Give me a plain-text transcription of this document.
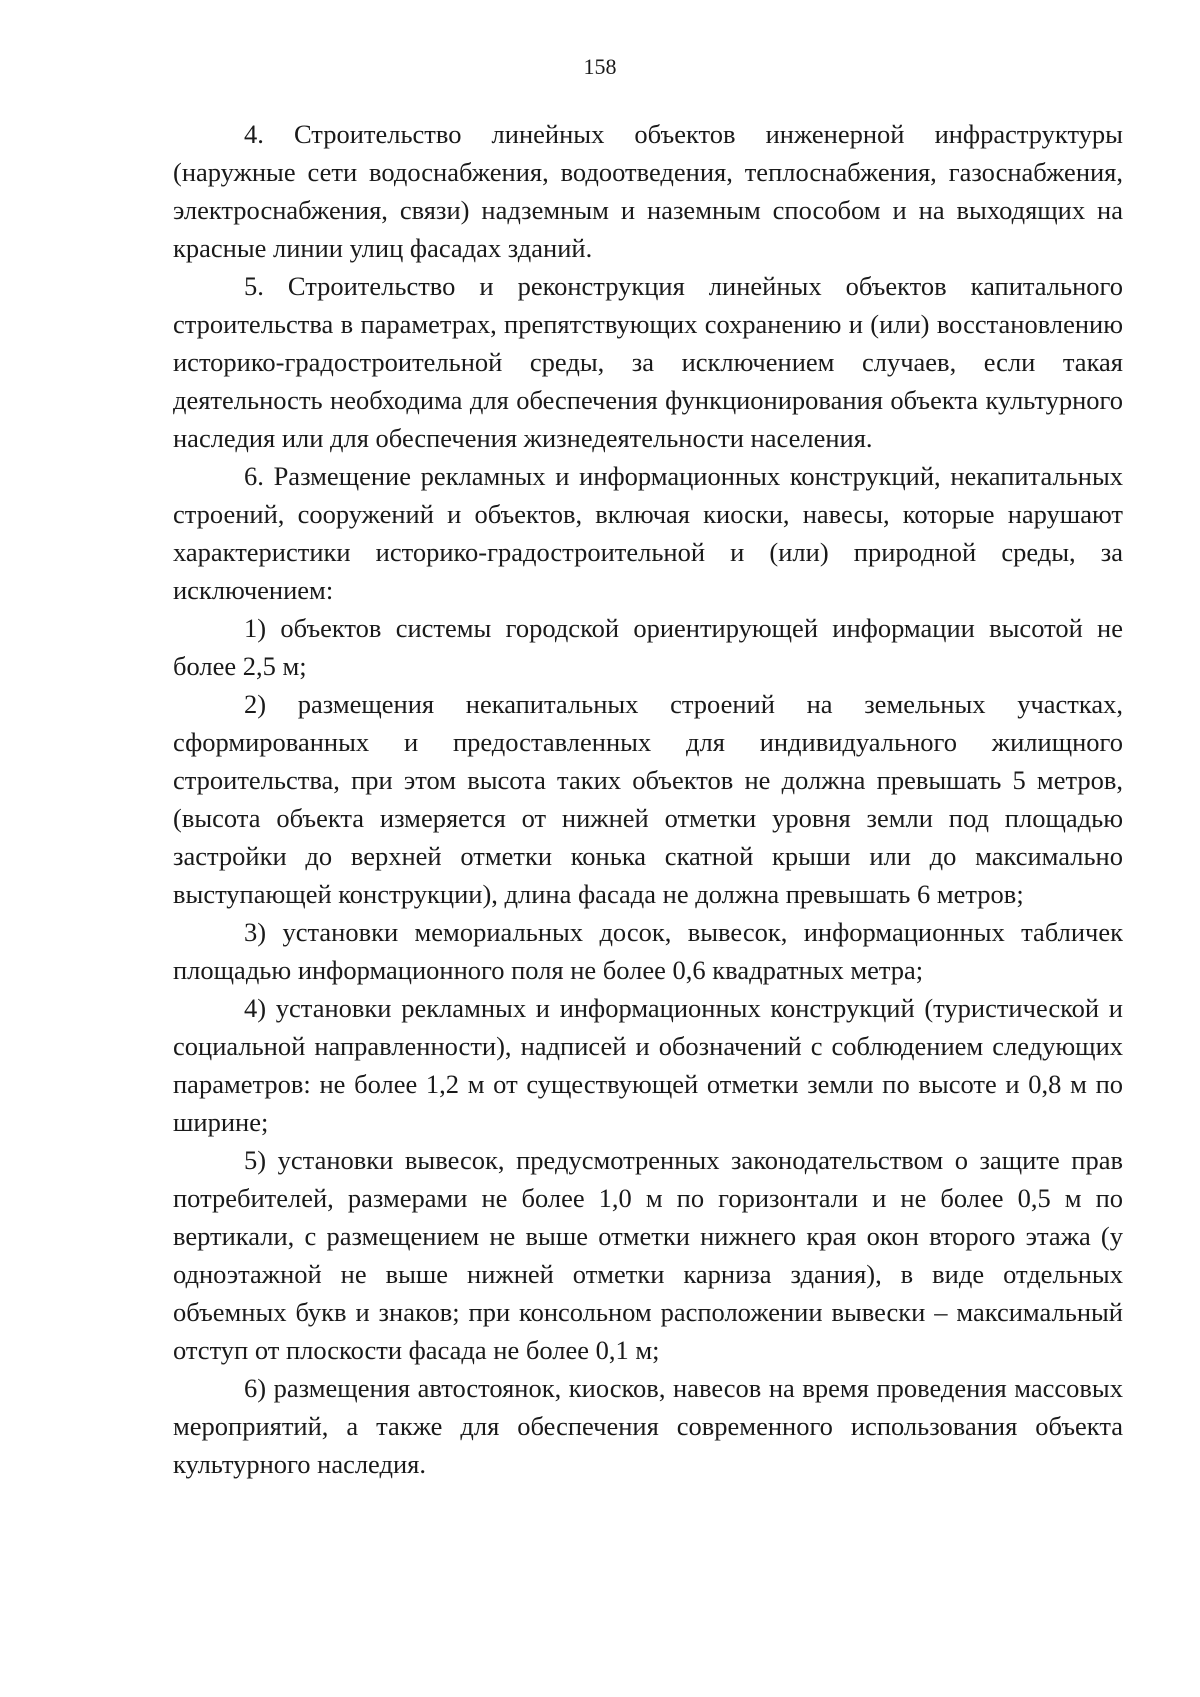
158

4. Строительство линейных объектов инженерной инфраструктуры (наружные сети водоснабжения, водоотведения, теплоснабжения, газоснабжения, электроснабжения, связи) надземным и наземным способом и на выходящих на красные линии улиц фасадах зданий.

5. Строительство и реконструкция линейных объектов капитального строительства в параметрах, препятствующих сохранению и (или) восстановлению историко-градостроительной среды, за исключением случаев, если такая деятельность необходима для обеспечения функционирования объекта культурного наследия или для обеспечения жизнедеятельности населения.

6. Размещение рекламных и информационных конструкций, некапитальных строений, сооружений и объектов, включая киоски, навесы, которые нарушают характеристики историко-градостроительной и (или) природной среды, за исключением:

1) объектов системы городской ориентирующей информации высотой не более 2,5 м;

2) размещения некапитальных строений на земельных участках, сформированных и предоставленных для индивидуального жилищного строительства, при этом высота таких объектов не должна превышать 5 метров, (высота объекта измеряется от нижней отметки уровня земли под площадью застройки до верхней отметки конька скатной крыши или до максимально выступающей конструкции), длина фасада не должна превышать 6 метров;

3) установки мемориальных досок, вывесок, информационных табличек площадью информационного поля не более 0,6 квадратных метра;

4) установки рекламных и информационных конструкций (туристической и социальной направленности), надписей и обозначений с соблюдением следующих параметров: не более 1,2 м от существующей отметки земли по высоте и 0,8 м по ширине;

5) установки вывесок, предусмотренных законодательством о защите прав потребителей, размерами не более 1,0 м по горизонтали и не более 0,5 м по вертикали, с размещением не выше отметки нижнего края окон второго этажа (у одноэтажной не выше нижней отметки карниза здания), в виде отдельных объемных букв и знаков; при консольном расположении вывески – максимальный отступ от плоскости фасада не более 0,1 м;

6) размещения автостоянок, киосков, навесов на время проведения массовых мероприятий, а также для обеспечения современного использования объекта культурного наследия.
